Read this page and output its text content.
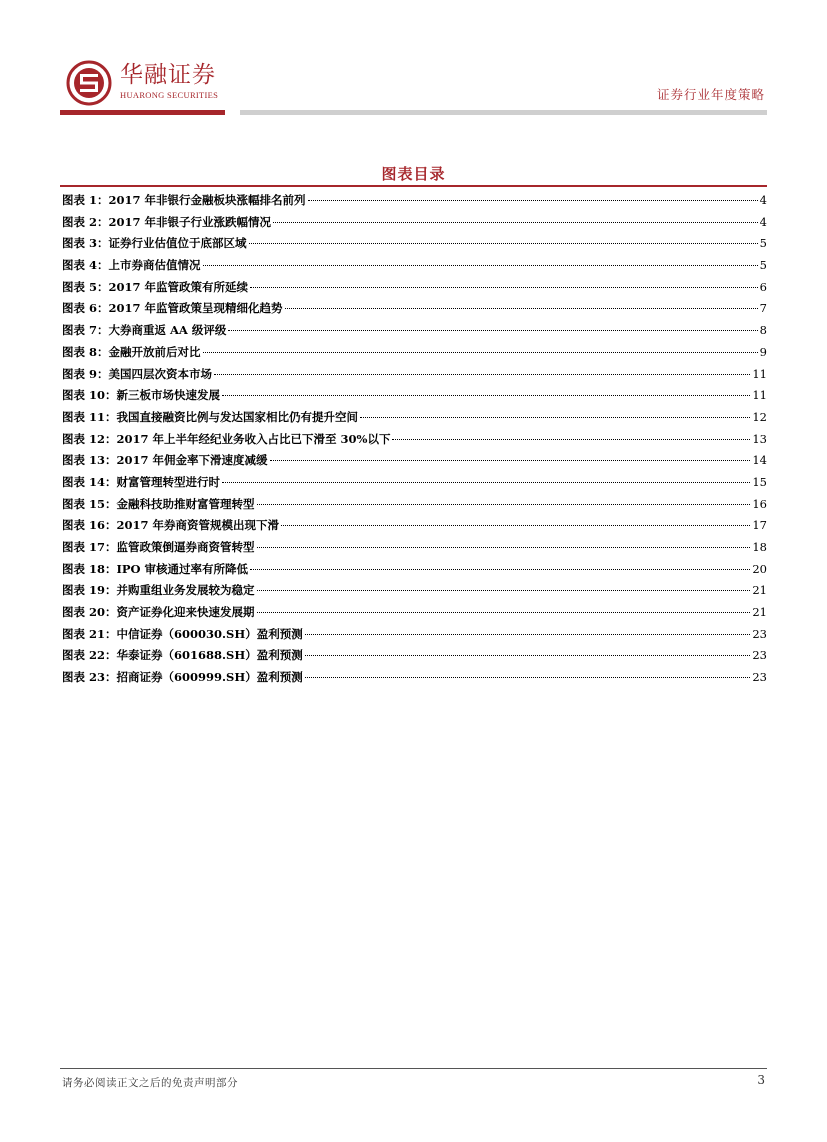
华融证券
HUARONG SECURITIES	证券行业年度策略
图表目录
图表 1：2017 年非银行金融板块涨幅排名前列	4
图表 2：2017 年非银子行业涨跌幅情况	4
图表 3：证券行业估值位于底部区域	5
图表 4：上市券商估值情况	5
图表 5：2017 年监管政策有所延续	6
图表 6：2017 年监管政策呈现精细化趋势	7
图表 7：大券商重返 AA 级评级	8
图表 8：金融开放前后对比	9
图表 9：美国四层次资本市场	11
图表 10：新三板市场快速发展	11
图表 11：我国直接融资比例与发达国家相比仍有提升空间	12
图表 12：2017 年上半年经纪业务收入占比已下滑至 30%以下	13
图表 13：2017 年佣金率下滑速度减缓	14
图表 14：财富管理转型进行时	15
图表 15：金融科技助推财富管理转型	16
图表 16：2017 年券商资管规模出现下滑	17
图表 17：监管政策倒逼券商资管转型	18
图表 18：IPO 审核通过率有所降低	20
图表 19：并购重组业务发展较为稳定	21
图表 20：资产证券化迎来快速发展期	21
图表 21：中信证券（600030.SH）盈利预测	23
图表 22：华泰证券（601688.SH）盈利预测	23
图表 23：招商证券（600999.SH）盈利预测	23
请务必阅读正文之后的免责声明部分	3
